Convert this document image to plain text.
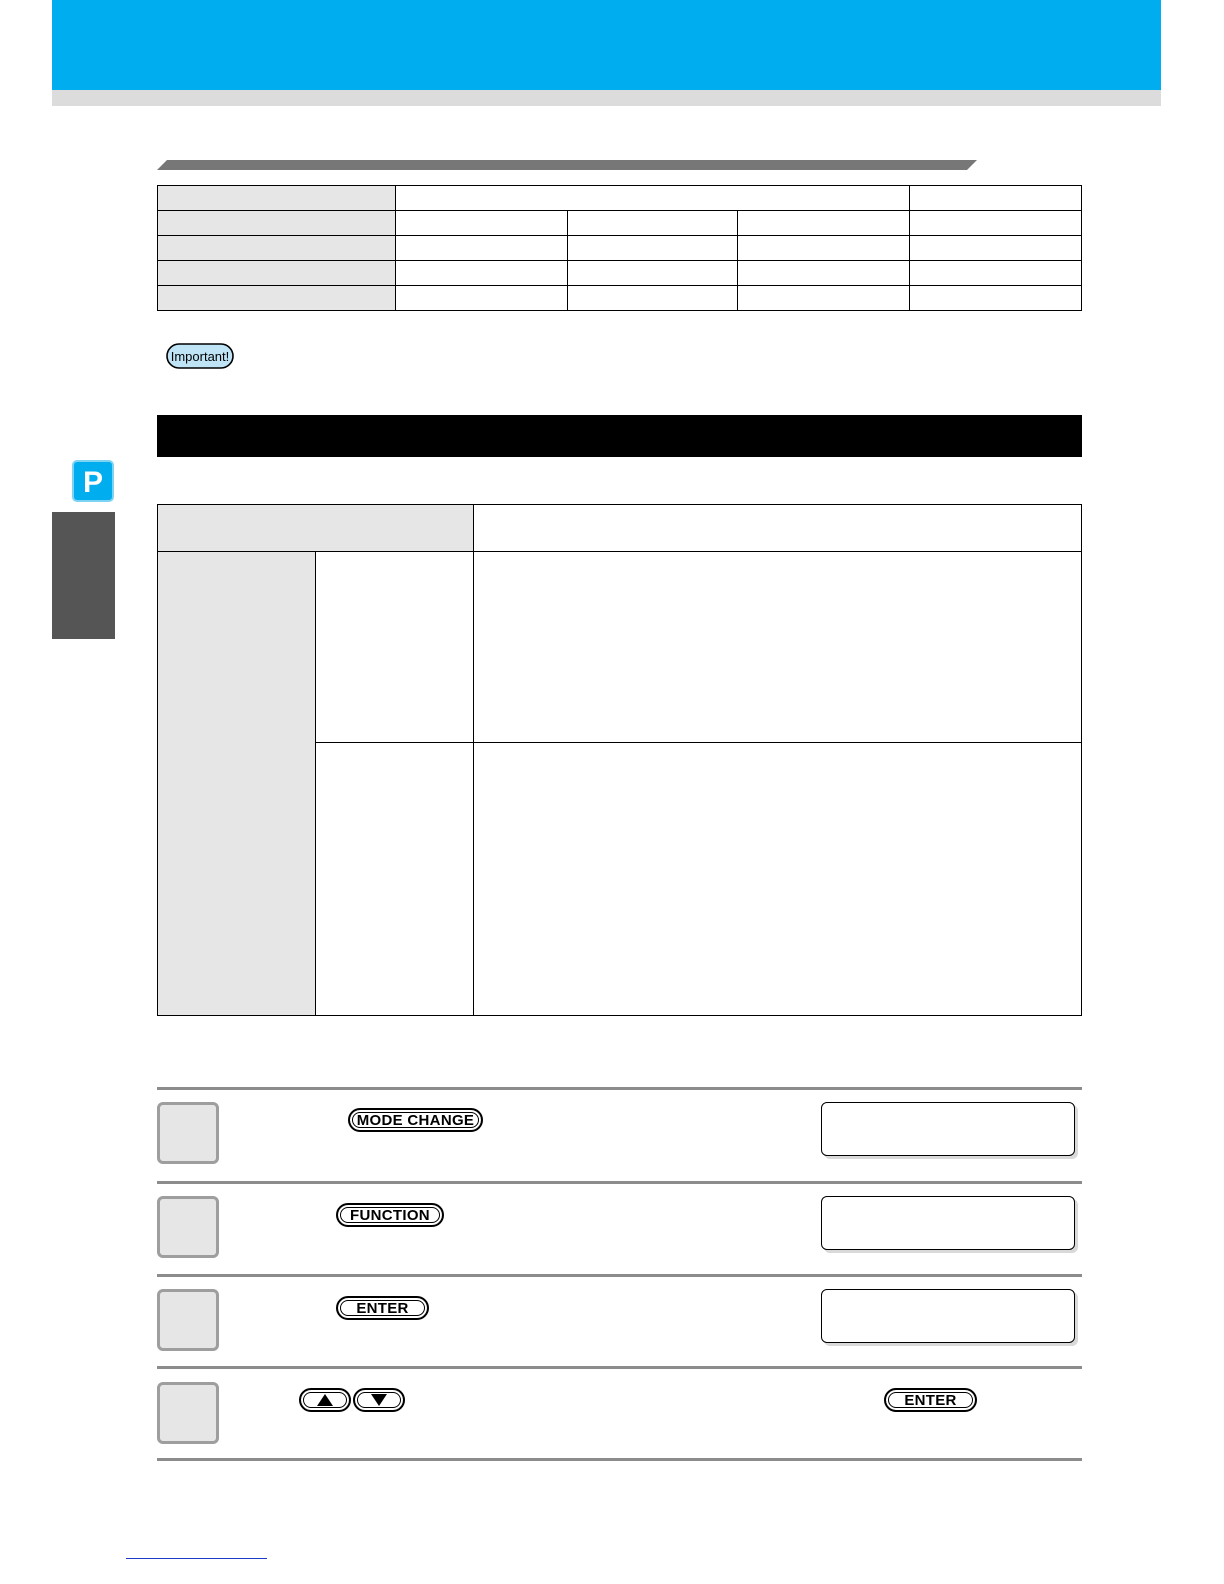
Important!
P

MODE CHANGE
FUNCTION
ENTER
ENTER
